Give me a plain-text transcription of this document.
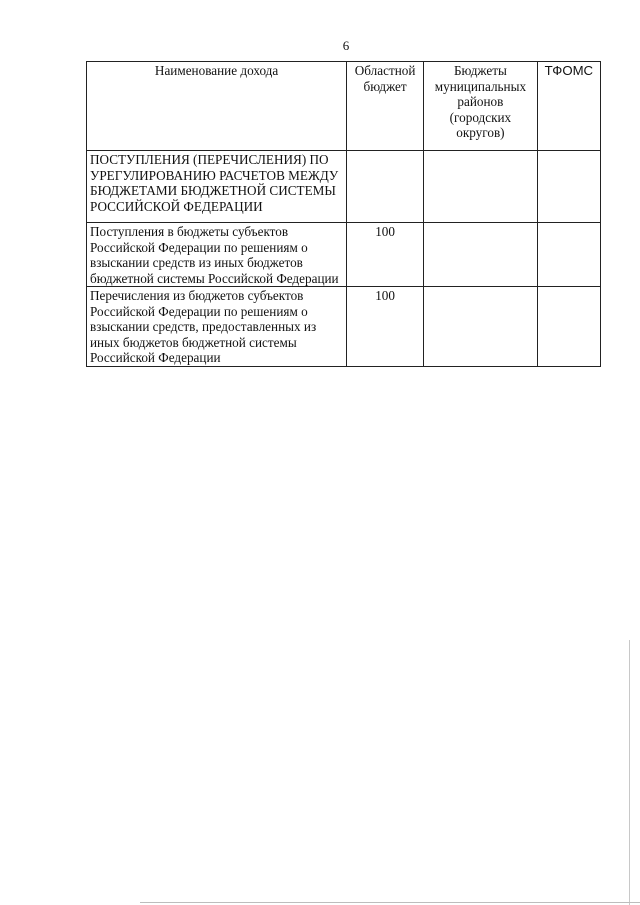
6
Наименование дохода	Областной бюджет	Бюджеты муниципальных районов (городских округов)	ТФОМС
ПОСТУПЛЕНИЯ (ПЕРЕЧИСЛЕНИЯ) ПО УРЕГУЛИРОВАНИЮ РАСЧЕТОВ МЕЖДУ БЮДЖЕТАМИ БЮДЖЕТНОЙ СИСТЕМЫ РОССИЙСКОЙ ФЕДЕРАЦИИ			
Поступления в бюджеты субъектов Российской Федерации по решениям о взыскании средств из иных бюджетов бюджетной системы Российской Федерации	100		
Перечисления из бюджетов субъектов Российской Федерации по решениям о взыскании средств, предоставленных из иных бюджетов бюджетной системы Российской Федерации	100		
